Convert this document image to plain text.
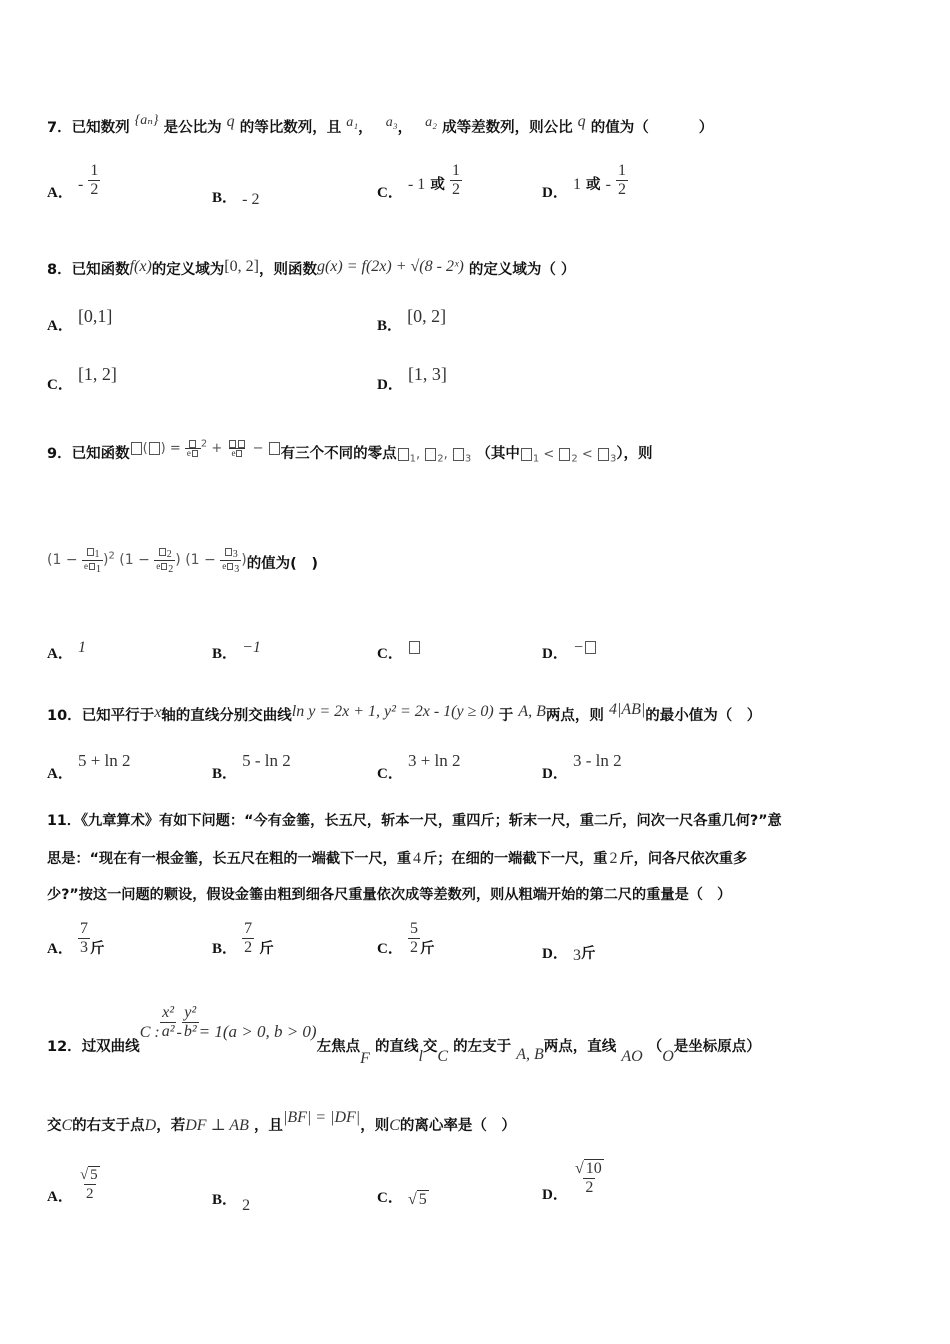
7．已知数列 {aₙ} 是公比为 q 的等比数列，且 a₁， a₃， a₂ 成等差数列，则公比 q 的值为（	）
A． - $\frac{1}{2}$	B． - 2	C． - 1 或 $\frac{1}{2}$	D． 1 或 - $\frac{1}{2}$
8．已知函数f(x)的定义域为[0, 2]，则函数g(x) = f(2x) + √(8 - 2ˣ) 的定义域为（ ）
A． [0,1]	B． [0, 2]
C． [1, 2]
D． [1, 3]
9．已知函数 ( ) = e
$^2$ + e	− 有三个不同的零点 $_1$, $_2$, $_3$ （其中 $_1$ < $_2$ < $_3$），则
$(1 - \frac{1}{e 1} )^2$ ($1 - \frac{2}{e 2}$ ) ($1 - \frac{3}{e 3}$ )的值为(　)
A． 1	B． −1	C．	D． −
10．已知平行于x轴的直线分别交曲线ln y = 2x + 1, y² = 2x - 1(y ≥ 0) 于 A, B两点，则 4|AB|的最小值为（　）
A． 5 + ln 2
B． 5 - ln 2
C． 3 + ln 2
D． 3 - ln 2
11．《九章算术》有如下问题：“今有金箠，长五尺，斩本一尺，重四斤；斩末一尺，重二斤，问次一尺各重几何?”意
思是：“现在有一根金箠，长五尺在粗的一端截下一尺，重 4 斤；在细的一端截下一尺，重 2 斤，问各尺依次重多
少?”按这一问题的颗设，假设金箠由粗到细各尺重量依次成等差数列，则从粗端开始的第二尺的重量是（　）
A． $\frac{7}{3}$ 斤	B． $\frac{7}{2}$ 斤	C． $\frac{5}{2}$ 斤	D． 3斤
12．过双曲线C : $\frac{\text{x²}}{\text{a²}} - \frac{\text{y²}}{\text{b²}} = 1(a > 0$, b > 0)左焦点F 的直线l交C 的左支于 A, B两点，直线 AO （O是坐标原点）
交C的右支于点D，若DF ⊥ AB ，且|BF| = |DF|，则C的离心率是（　）
A． $\frac{√ 5}{2}$	B． 2	C． √ 5	D． $\frac{√ 10}{2}$
